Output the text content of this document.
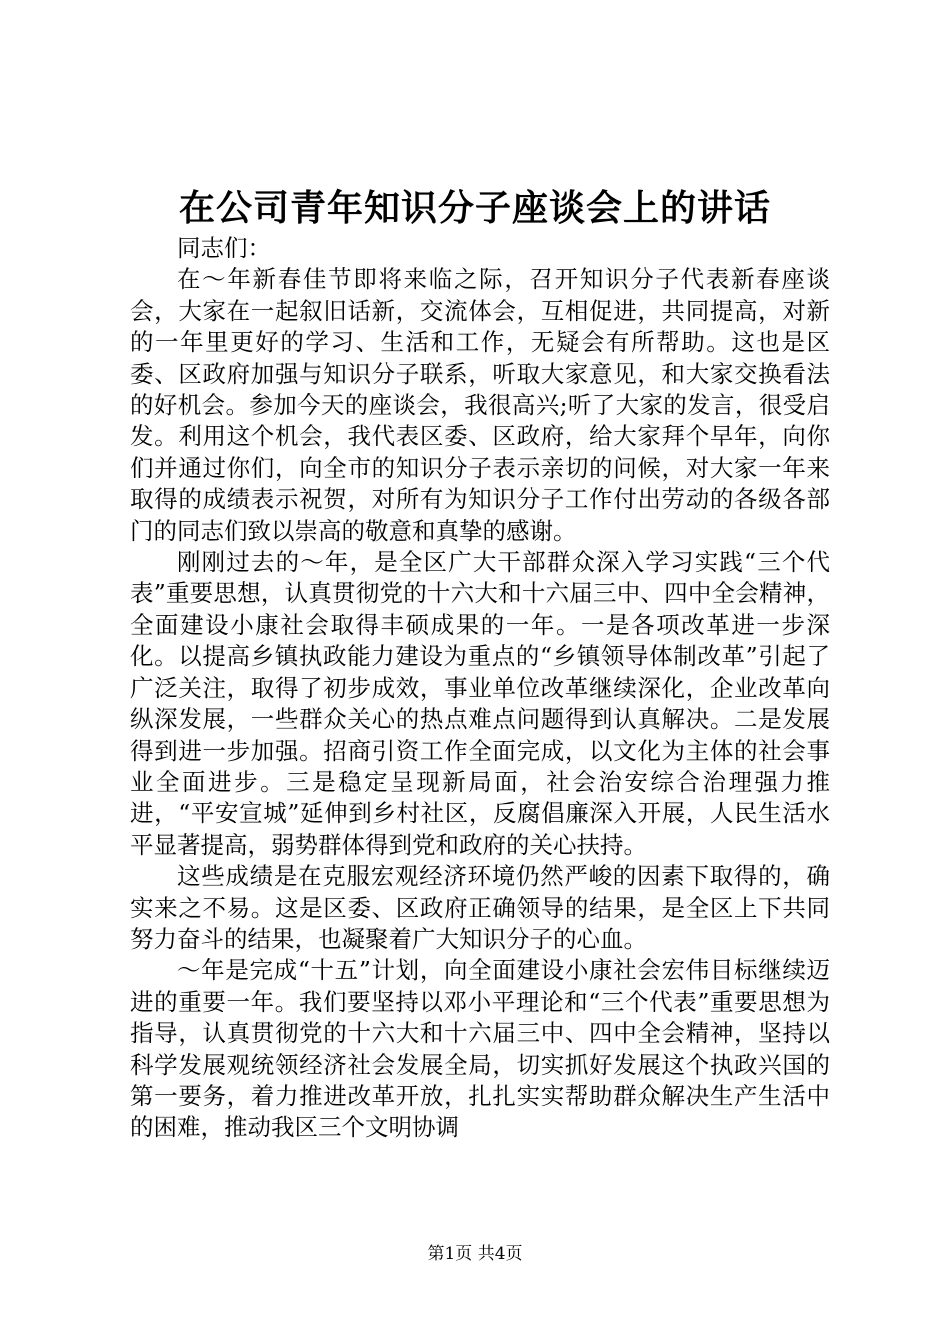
在公司青年知识分子座谈会上的讲话

同志们：

在～年新春佳节即将来临之际，召开知识分子代表新春座谈会，大家在一起叙旧话新，交流体会，互相促进，共同提高，对新的一年里更好的学习、生活和工作，无疑会有所帮助。这也是区委、区政府加强与知识分子联系，听取大家意见，和大家交换看法的好机会。参加今天的座谈会，我很高兴;听了大家的发言，很受启发。利用这个机会，我代表区委、区政府，给大家拜个早年，向你们并通过你们，向全市的知识分子表示亲切的问候，对大家一年来取得的成绩表示祝贺，对所有为知识分子工作付出劳动的各级各部门的同志们致以崇高的敬意和真挚的感谢。

刚刚过去的～年，是全区广大干部群众深入学习实践“三个代表”重要思想，认真贯彻党的十六大和十六届三中、四中全会精神，全面建设小康社会取得丰硕成果的一年。一是各项改革进一步深化。以提高乡镇执政能力建设为重点的“乡镇领导体制改革”引起了广泛关注，取得了初步成效，事业单位改革继续深化，企业改革向纵深发展，一些群众关心的热点难点问题得到认真解决。二是发展得到进一步加强。招商引资工作全面完成，以文化为主体的社会事业全面进步。三是稳定呈现新局面，社会治安综合治理强力推进，“平安宣城”延伸到乡村社区，反腐倡廉深入开展，人民生活水平显著提高，弱势群体得到党和政府的关心扶持。

这些成绩是在克服宏观经济环境仍然严峻的因素下取得的，确实来之不易。这是区委、区政府正确领导的结果，是全区上下共同努力奋斗的结果，也凝聚着广大知识分子的心血。

～年是完成“十五”计划，向全面建设小康社会宏伟目标继续迈进的重要一年。我们要坚持以邓小平理论和“三个代表”重要思想为指导，认真贯彻党的十六大和十六届三中、四中全会精神，坚持以科学发展观统领经济社会发展全局，切实抓好发展这个执政兴国的第一要务，着力推进改革开放，扎扎实实帮助群众解决生产生活中的困难，推动我区三个文明协调

第1页 共4页
